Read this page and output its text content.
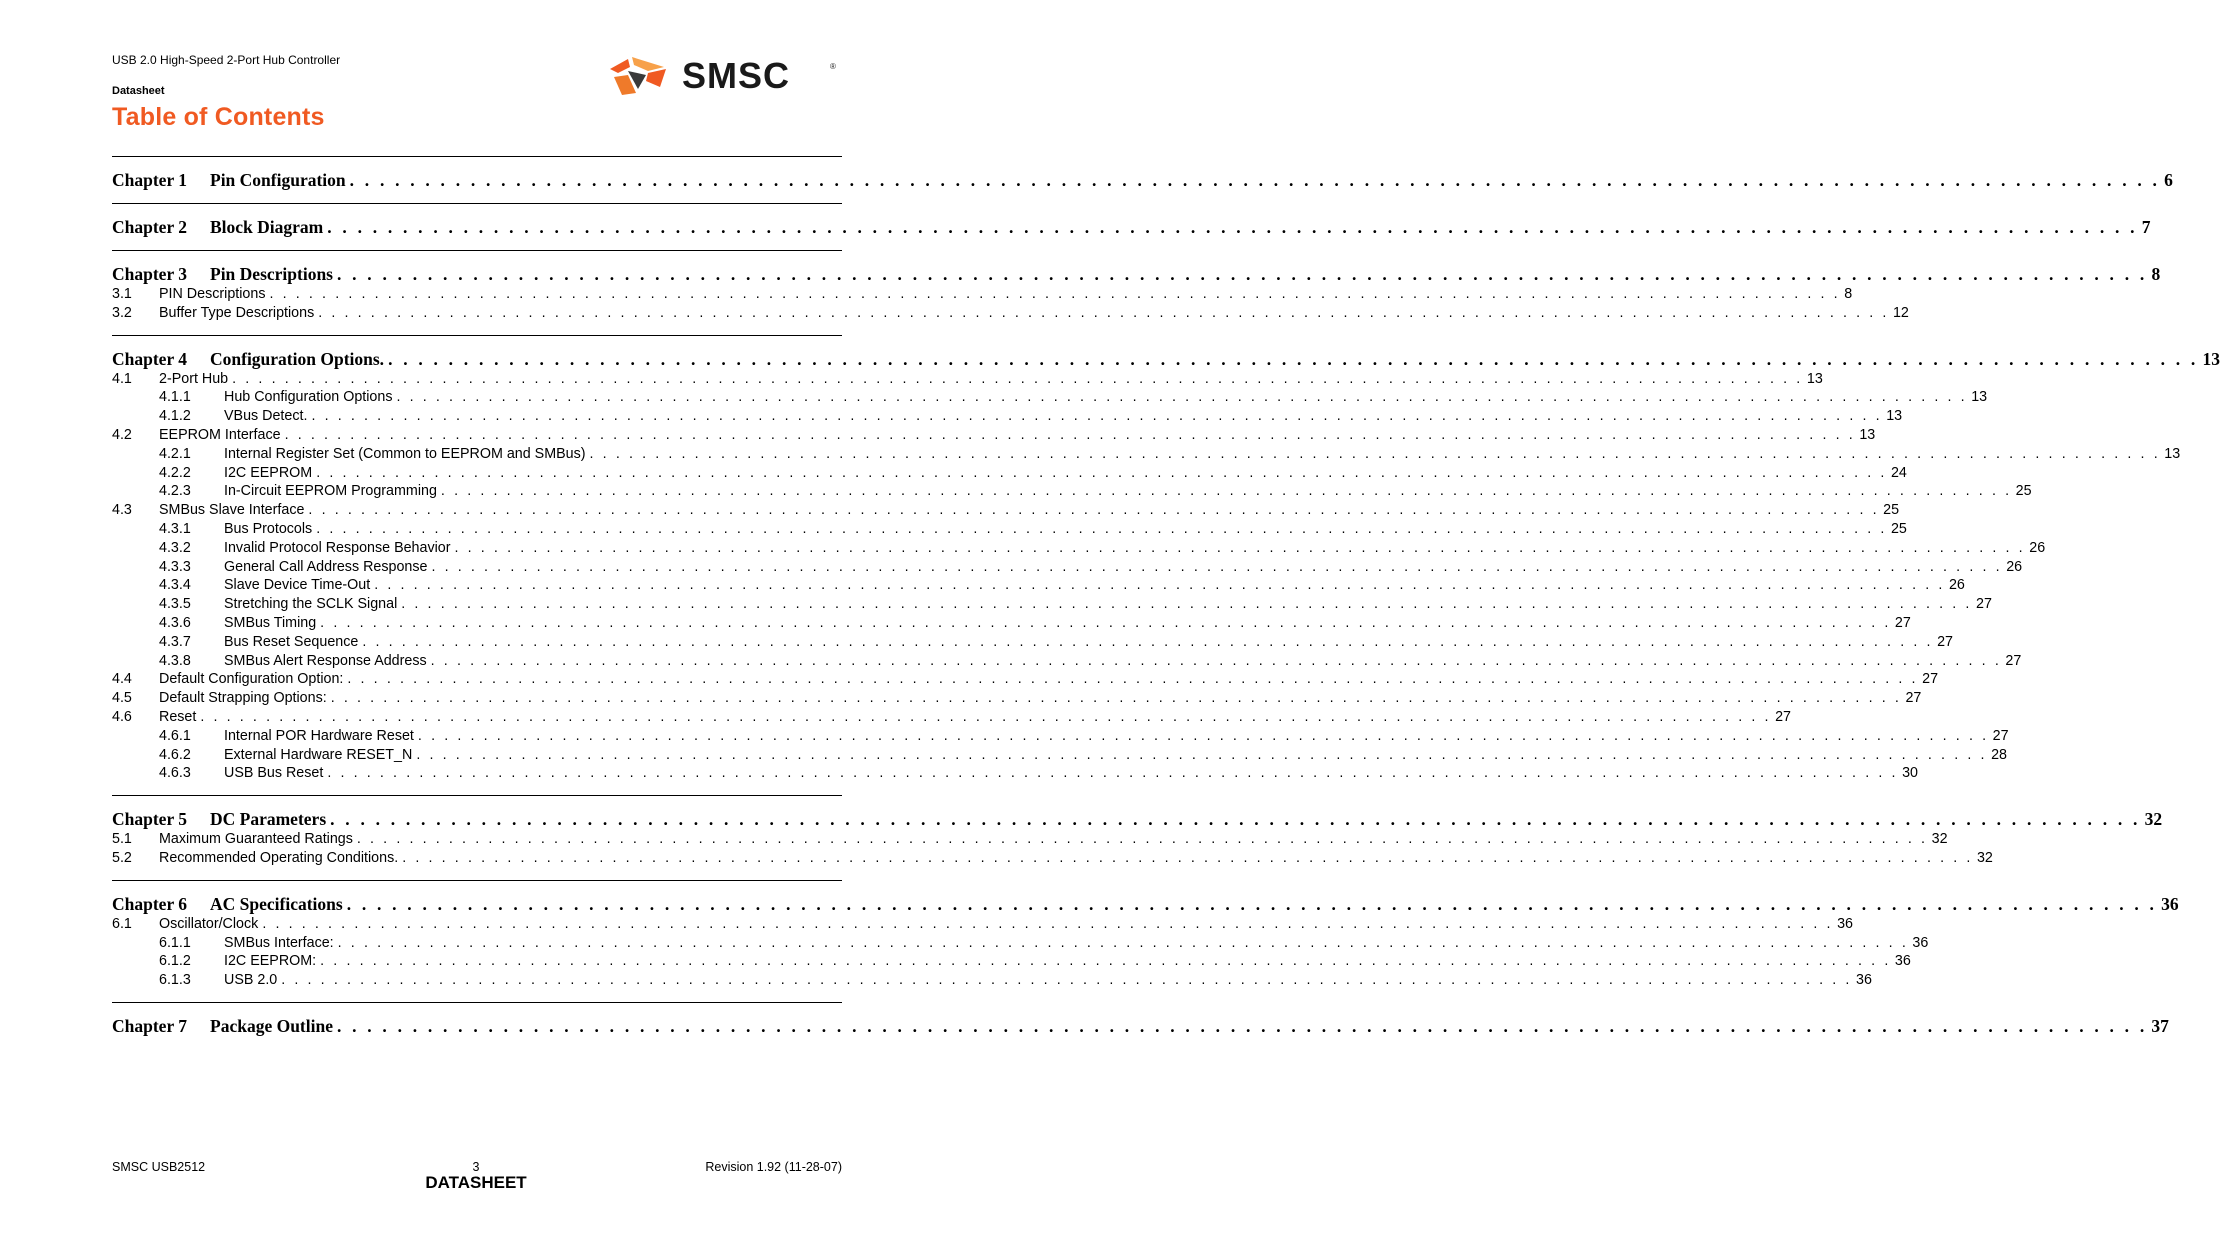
USB 2.0 High-Speed 2-Port Hub Controller
Datasheet
Table of Contents
SMSC	®
Chapter 1	Pin Configuration . . . . . . . . . . . . . . . . . . . . . . . . . . . . . . . . . . . . . . . . . . . . . . . . . . . . . . . . . . . . . . . . . . . . . . . . . . . . . . . . . . . . . . . . . . . . . . . . . . . . . . . . . . . . . . . . . . . . . . . . 6
Chapter 2	Block Diagram . . . . . . . . . . . . . . . . . . . . . . . . . . . . . . . . . . . . . . . . . . . . . . . . . . . . . . . . . . . . . . . . . . . . . . . . . . . . . . . . . . . . . . . . . . . . . . . . . . . . . . . . . . . . . . . . . . . . . . . . 7
Chapter 3	Pin Descriptions . . . . . . . . . . . . . . . . . . . . . . . . . . . . . . . . . . . . . . . . . . . . . . . . . . . . . . . . . . . . . . . . . . . . . . . . . . . . . . . . . . . . . . . . . . . . . . . . . . . . . . . . . . . . . . . . . . . . . . . . 8
3.1	PIN Descriptions . . . . . . . . . . . . . . . . . . . . . . . . . . . . . . . . . . . . . . . . . . . . . . . . . . . . . . . . . . . . . . . . . . . . . . . . . . . . . . . . . . . . . . . . . . . . . . . . . . . . . . . . . . . . . . . . . . . . . . . . 8
3.2	Buffer Type Descriptions . . . . . . . . . . . . . . . . . . . . . . . . . . . . . . . . . . . . . . . . . . . . . . . . . . . . . . . . . . . . . . . . . . . . . . . . . . . . . . . . . . . . . . . . . . . . . . . . . . . . . . . . . . . . . . . . . . . . . . . . 12
Chapter 4	Configuration Options. . . . . . . . . . . . . . . . . . . . . . . . . . . . . . . . . . . . . . . . . . . . . . . . . . . . . . . . . . . . . . . . . . . . . . . . . . . . . . . . . . . . . . . . . . . . . . . . . . . . . . . . . . . . . . . . . . . . . . . . . 13
4.1	2-Port Hub . . . . . . . . . . . . . . . . . . . . . . . . . . . . . . . . . . . . . . . . . . . . . . . . . . . . . . . . . . . . . . . . . . . . . . . . . . . . . . . . . . . . . . . . . . . . . . . . . . . . . . . . . . . . . . . . . . . . . . . . 13
4.1.1	Hub Configuration Options . . . . . . . . . . . . . . . . . . . . . . . . . . . . . . . . . . . . . . . . . . . . . . . . . . . . . . . . . . . . . . . . . . . . . . . . . . . . . . . . . . . . . . . . . . . . . . . . . . . . . . . . . . . . . . . . . . . . . . . . 13
4.1.2	VBus Detect. . . . . . . . . . . . . . . . . . . . . . . . . . . . . . . . . . . . . . . . . . . . . . . . . . . . . . . . . . . . . . . . . . . . . . . . . . . . . . . . . . . . . . . . . . . . . . . . . . . . . . . . . . . . . . . . . . . . . . . . . 13
4.2	EEPROM Interface . . . . . . . . . . . . . . . . . . . . . . . . . . . . . . . . . . . . . . . . . . . . . . . . . . . . . . . . . . . . . . . . . . . . . . . . . . . . . . . . . . . . . . . . . . . . . . . . . . . . . . . . . . . . . . . . . . . . . . . . 13
4.2.1	Internal Register Set (Common to EEPROM and SMBus) . . . . . . . . . . . . . . . . . . . . . . . . . . . . . . . . . . . . . . . . . . . . . . . . . . . . . . . . . . . . . . . . . . . . . . . . . . . . . . . . . . . . . . . . . . . . . . . . . . . . . . . . . . . . . . . . . . . . . . . . 13
4.2.2	I2C EEPROM . . . . . . . . . . . . . . . . . . . . . . . . . . . . . . . . . . . . . . . . . . . . . . . . . . . . . . . . . . . . . . . . . . . . . . . . . . . . . . . . . . . . . . . . . . . . . . . . . . . . . . . . . . . . . . . . . . . . . . . . 24
4.2.3	In-Circuit EEPROM Programming . . . . . . . . . . . . . . . . . . . . . . . . . . . . . . . . . . . . . . . . . . . . . . . . . . . . . . . . . . . . . . . . . . . . . . . . . . . . . . . . . . . . . . . . . . . . . . . . . . . . . . . . . . . . . . . . . . . . . . . . 25
4.3	SMBus Slave Interface . . . . . . . . . . . . . . . . . . . . . . . . . . . . . . . . . . . . . . . . . . . . . . . . . . . . . . . . . . . . . . . . . . . . . . . . . . . . . . . . . . . . . . . . . . . . . . . . . . . . . . . . . . . . . . . . . . . . . . . . 25
4.3.1	Bus Protocols . . . . . . . . . . . . . . . . . . . . . . . . . . . . . . . . . . . . . . . . . . . . . . . . . . . . . . . . . . . . . . . . . . . . . . . . . . . . . . . . . . . . . . . . . . . . . . . . . . . . . . . . . . . . . . . . . . . . . . . . 25
4.3.2	Invalid Protocol Response Behavior . . . . . . . . . . . . . . . . . . . . . . . . . . . . . . . . . . . . . . . . . . . . . . . . . . . . . . . . . . . . . . . . . . . . . . . . . . . . . . . . . . . . . . . . . . . . . . . . . . . . . . . . . . . . . . . . . . . . . . . . 26
4.3.3	General Call Address Response . . . . . . . . . . . . . . . . . . . . . . . . . . . . . . . . . . . . . . . . . . . . . . . . . . . . . . . . . . . . . . . . . . . . . . . . . . . . . . . . . . . . . . . . . . . . . . . . . . . . . . . . . . . . . . . . . . . . . . . . 26
4.3.4	Slave Device Time-Out . . . . . . . . . . . . . . . . . . . . . . . . . . . . . . . . . . . . . . . . . . . . . . . . . . . . . . . . . . . . . . . . . . . . . . . . . . . . . . . . . . . . . . . . . . . . . . . . . . . . . . . . . . . . . . . . . . . . . . . . 26
4.3.5	Stretching the SCLK Signal . . . . . . . . . . . . . . . . . . . . . . . . . . . . . . . . . . . . . . . . . . . . . . . . . . . . . . . . . . . . . . . . . . . . . . . . . . . . . . . . . . . . . . . . . . . . . . . . . . . . . . . . . . . . . . . . . . . . . . . . 27
4.3.6	SMBus Timing . . . . . . . . . . . . . . . . . . . . . . . . . . . . . . . . . . . . . . . . . . . . . . . . . . . . . . . . . . . . . . . . . . . . . . . . . . . . . . . . . . . . . . . . . . . . . . . . . . . . . . . . . . . . . . . . . . . . . . . . 27
4.3.7	Bus Reset Sequence . . . . . . . . . . . . . . . . . . . . . . . . . . . . . . . . . . . . . . . . . . . . . . . . . . . . . . . . . . . . . . . . . . . . . . . . . . . . . . . . . . . . . . . . . . . . . . . . . . . . . . . . . . . . . . . . . . . . . . . . 27
4.3.8	SMBus Alert Response Address . . . . . . . . . . . . . . . . . . . . . . . . . . . . . . . . . . . . . . . . . . . . . . . . . . . . . . . . . . . . . . . . . . . . . . . . . . . . . . . . . . . . . . . . . . . . . . . . . . . . . . . . . . . . . . . . . . . . . . . . 27
4.4	Default Configuration Option: . . . . . . . . . . . . . . . . . . . . . . . . . . . . . . . . . . . . . . . . . . . . . . . . . . . . . . . . . . . . . . . . . . . . . . . . . . . . . . . . . . . . . . . . . . . . . . . . . . . . . . . . . . . . . . . . . . . . . . . . 27
4.5	Default Strapping Options: . . . . . . . . . . . . . . . . . . . . . . . . . . . . . . . . . . . . . . . . . . . . . . . . . . . . . . . . . . . . . . . . . . . . . . . . . . . . . . . . . . . . . . . . . . . . . . . . . . . . . . . . . . . . . . . . . . . . . . . . 27
4.6	Reset . . . . . . . . . . . . . . . . . . . . . . . . . . . . . . . . . . . . . . . . . . . . . . . . . . . . . . . . . . . . . . . . . . . . . . . . . . . . . . . . . . . . . . . . . . . . . . . . . . . . . . . . . . . . . . . . . . . . . . . . 27
4.6.1	Internal POR Hardware Reset . . . . . . . . . . . . . . . . . . . . . . . . . . . . . . . . . . . . . . . . . . . . . . . . . . . . . . . . . . . . . . . . . . . . . . . . . . . . . . . . . . . . . . . . . . . . . . . . . . . . . . . . . . . . . . . . . . . . . . . . 27
4.6.2	External Hardware RESET_N . . . . . . . . . . . . . . . . . . . . . . . . . . . . . . . . . . . . . . . . . . . . . . . . . . . . . . . . . . . . . . . . . . . . . . . . . . . . . . . . . . . . . . . . . . . . . . . . . . . . . . . . . . . . . . . . . . . . . . . . 28
4.6.3	USB Bus Reset . . . . . . . . . . . . . . . . . . . . . . . . . . . . . . . . . . . . . . . . . . . . . . . . . . . . . . . . . . . . . . . . . . . . . . . . . . . . . . . . . . . . . . . . . . . . . . . . . . . . . . . . . . . . . . . . . . . . . . . . 30
Chapter 5	DC Parameters . . . . . . . . . . . . . . . . . . . . . . . . . . . . . . . . . . . . . . . . . . . . . . . . . . . . . . . . . . . . . . . . . . . . . . . . . . . . . . . . . . . . . . . . . . . . . . . . . . . . . . . . . . . . . . . . . . . . . . . . 32
5.1	Maximum Guaranteed Ratings . . . . . . . . . . . . . . . . . . . . . . . . . . . . . . . . . . . . . . . . . . . . . . . . . . . . . . . . . . . . . . . . . . . . . . . . . . . . . . . . . . . . . . . . . . . . . . . . . . . . . . . . . . . . . . . . . . . . . . . . 32
5.2	Recommended Operating Conditions. . . . . . . . . . . . . . . . . . . . . . . . . . . . . . . . . . . . . . . . . . . . . . . . . . . . . . . . . . . . . . . . . . . . . . . . . . . . . . . . . . . . . . . . . . . . . . . . . . . . . . . . . . . . . . . . . . . . . . . . . 32
Chapter 6	AC Specifications . . . . . . . . . . . . . . . . . . . . . . . . . . . . . . . . . . . . . . . . . . . . . . . . . . . . . . . . . . . . . . . . . . . . . . . . . . . . . . . . . . . . . . . . . . . . . . . . . . . . . . . . . . . . . . . . . . . . . . . . 36
6.1	Oscillator/Clock . . . . . . . . . . . . . . . . . . . . . . . . . . . . . . . . . . . . . . . . . . . . . . . . . . . . . . . . . . . . . . . . . . . . . . . . . . . . . . . . . . . . . . . . . . . . . . . . . . . . . . . . . . . . . . . . . . . . . . . . 36
6.1.1	SMBus Interface: . . . . . . . . . . . . . . . . . . . . . . . . . . . . . . . . . . . . . . . . . . . . . . . . . . . . . . . . . . . . . . . . . . . . . . . . . . . . . . . . . . . . . . . . . . . . . . . . . . . . . . . . . . . . . . . . . . . . . . . . 36
6.1.2	I2C EEPROM: . . . . . . . . . . . . . . . . . . . . . . . . . . . . . . . . . . . . . . . . . . . . . . . . . . . . . . . . . . . . . . . . . . . . . . . . . . . . . . . . . . . . . . . . . . . . . . . . . . . . . . . . . . . . . . . . . . . . . . . . 36
6.1.3	USB 2.0 . . . . . . . . . . . . . . . . . . . . . . . . . . . . . . . . . . . . . . . . . . . . . . . . . . . . . . . . . . . . . . . . . . . . . . . . . . . . . . . . . . . . . . . . . . . . . . . . . . . . . . . . . . . . . . . . . . . . . . . . 36
Chapter 7	Package Outline . . . . . . . . . . . . . . . . . . . . . . . . . . . . . . . . . . . . . . . . . . . . . . . . . . . . . . . . . . . . . . . . . . . . . . . . . . . . . . . . . . . . . . . . . . . . . . . . . . . . . . . . . . . . . . . . . . . . . . . . 37
SMSC USB2512	3
DATASHEET
Revision 1.92 (11-28-07)
